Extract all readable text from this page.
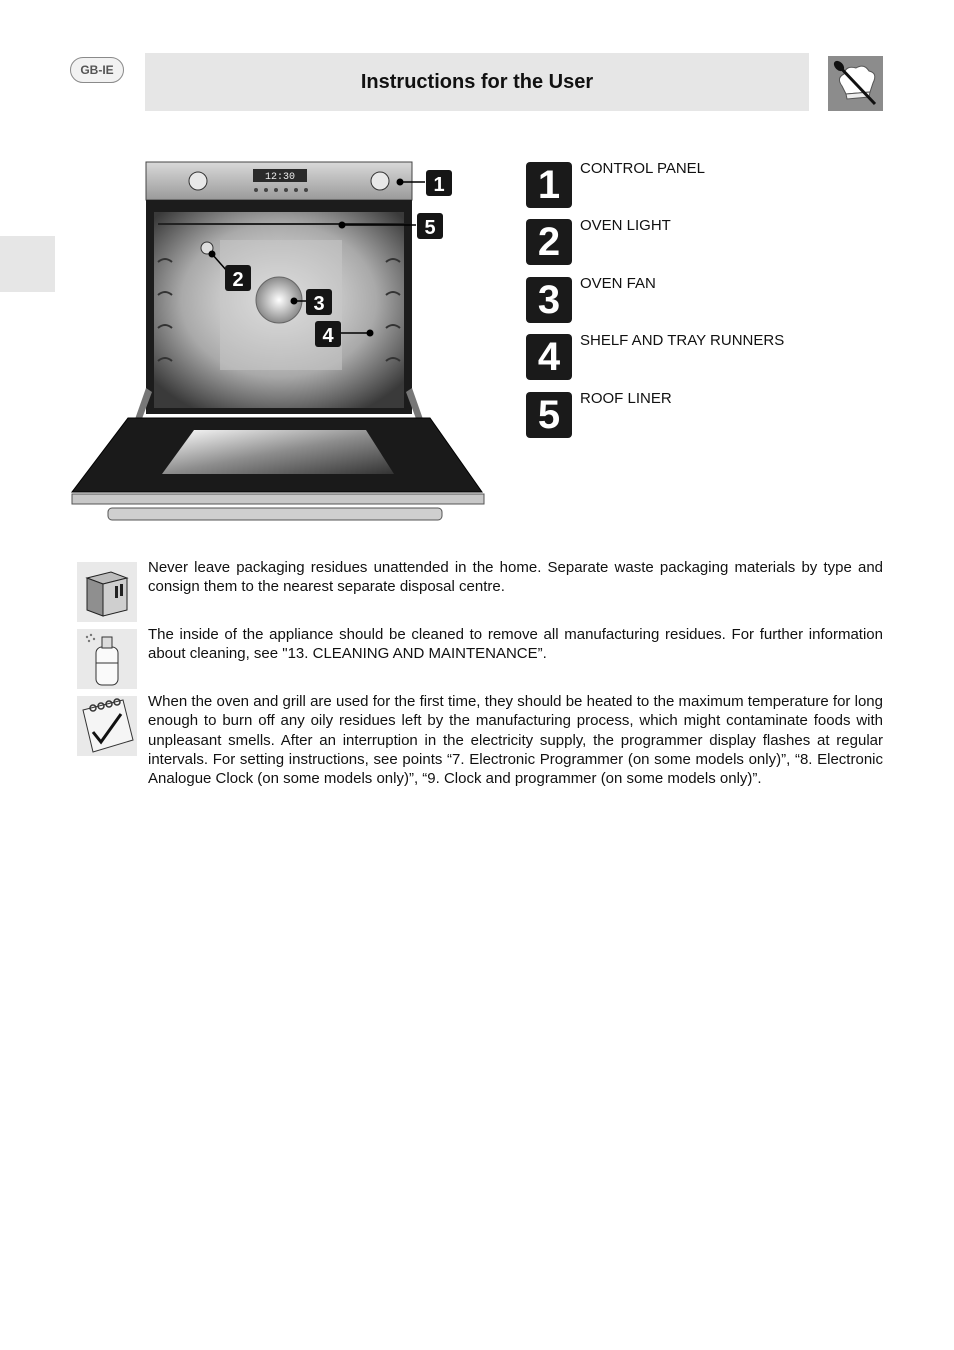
GB-IE
Instructions for the User
12:30	1
5
2
3
4
1	CONTROL PANEL
2	OVEN LIGHT
3	OVEN FAN
4	SHELF AND TRAY RUNNERS
5	ROOF LINER

Never leave packaging residues unattended in the home. Separate waste packaging materials by type and consign them to the nearest separate disposal centre.

The inside of the appliance should be cleaned to remove all manufacturing residues. For further information about cleaning, see "13. CLEANING AND MAINTENANCE”.

When the oven and grill are used for the first time, they should be heated to the maximum temperature for long enough to burn off any oily residues left by the manufacturing process, which might contaminate foods with unpleasant smells. After an interruption in the electricity supply, the programmer display flashes at regular intervals. For setting instructions, see points “7. Electronic Programmer (on some models only)”, “8. Electronic Analogue Clock (on some models only)”, “9. Clock and programmer (on some models only)”.
